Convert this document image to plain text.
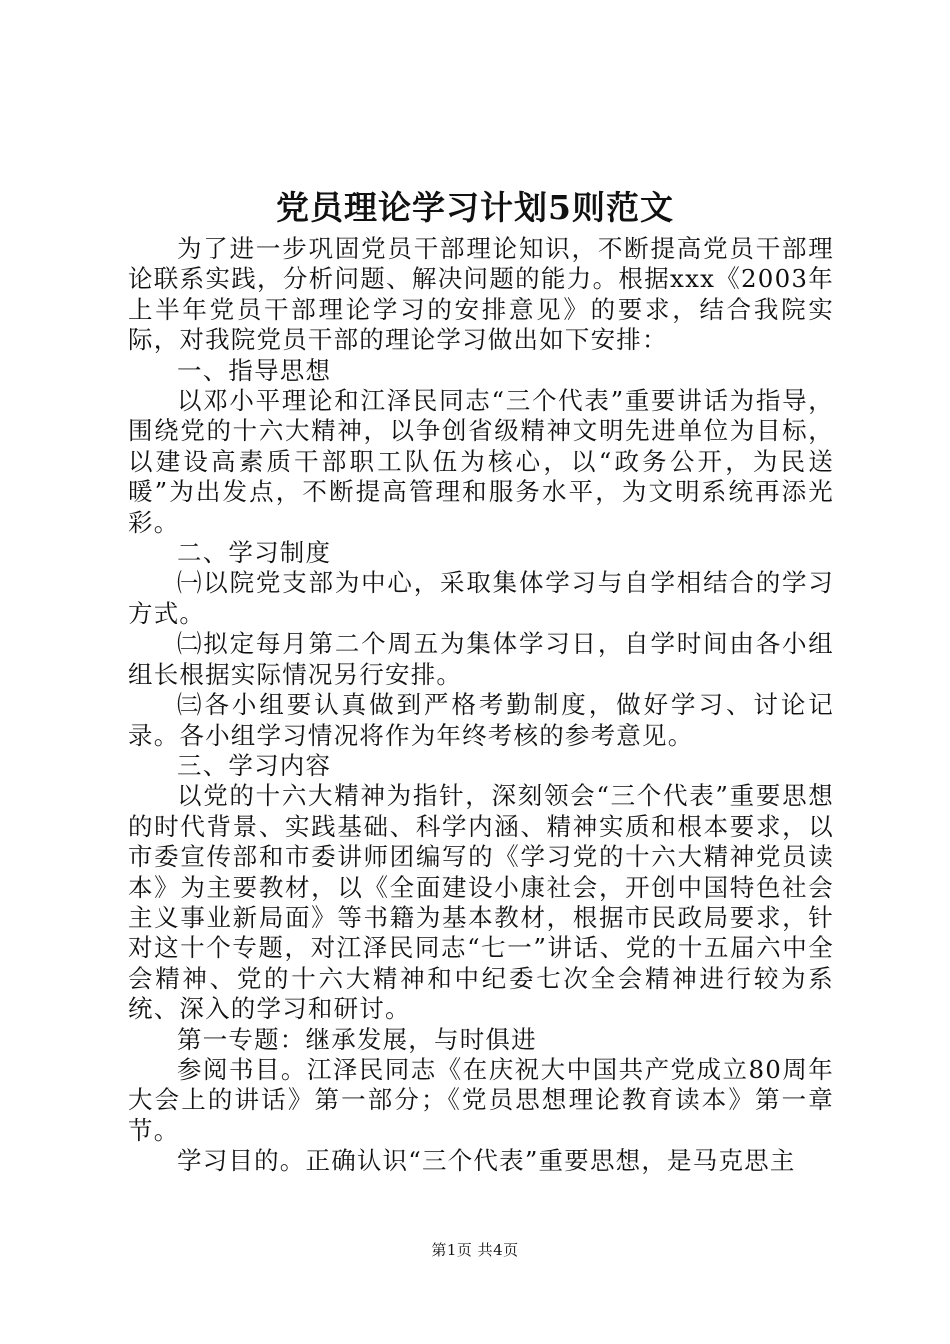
党员理论学习计划5则范文

为了进一步巩固党员干部理论知识，不断提高党员干部理论联系实践，分析问题、解决问题的能力。根据xxx《2003年上半年党员干部理论学习的安排意见》的要求，结合我院实际，对我院党员干部的理论学习做出如下安排：

一、指导思想

以邓小平理论和江泽民同志“三个代表”重要讲话为指导，围绕党的十六大精神，以争创省级精神文明先进单位为目标，以建设高素质干部职工队伍为核心，以“政务公开，为民送暖”为出发点，不断提高管理和服务水平，为文明系统再添光彩。

二、学习制度

㈠以院党支部为中心，采取集体学习与自学相结合的学习方式。

㈡拟定每月第二个周五为集体学习日，自学时间由各小组组长根据实际情况另行安排。

㈢各小组要认真做到严格考勤制度，做好学习、讨论记录。各小组学习情况将作为年终考核的参考意见。

三、学习内容

以党的十六大精神为指针，深刻领会“三个代表”重要思想的时代背景、实践基础、科学内涵、精神实质和根本要求，以市委宣传部和市委讲师团编写的《学习党的十六大精神党员读本》为主要教材，以《全面建设小康社会，开创中国特色社会主义事业新局面》等书籍为基本教材，根据市民政局要求，针对这十个专题，对江泽民同志“七一”讲话、党的十五届六中全会精神、党的十六大精神和中纪委七次全会精神进行较为系统、深入的学习和研讨。

第一专题：继承发展，与时俱进

参阅书目。江泽民同志《在庆祝大中国共产党成立80周年大会上的讲话》第一部分；《党员思想理论教育读本》第一章节。

学习目的。正确认识“三个代表”重要思想，是马克思主

第1页 共4页
